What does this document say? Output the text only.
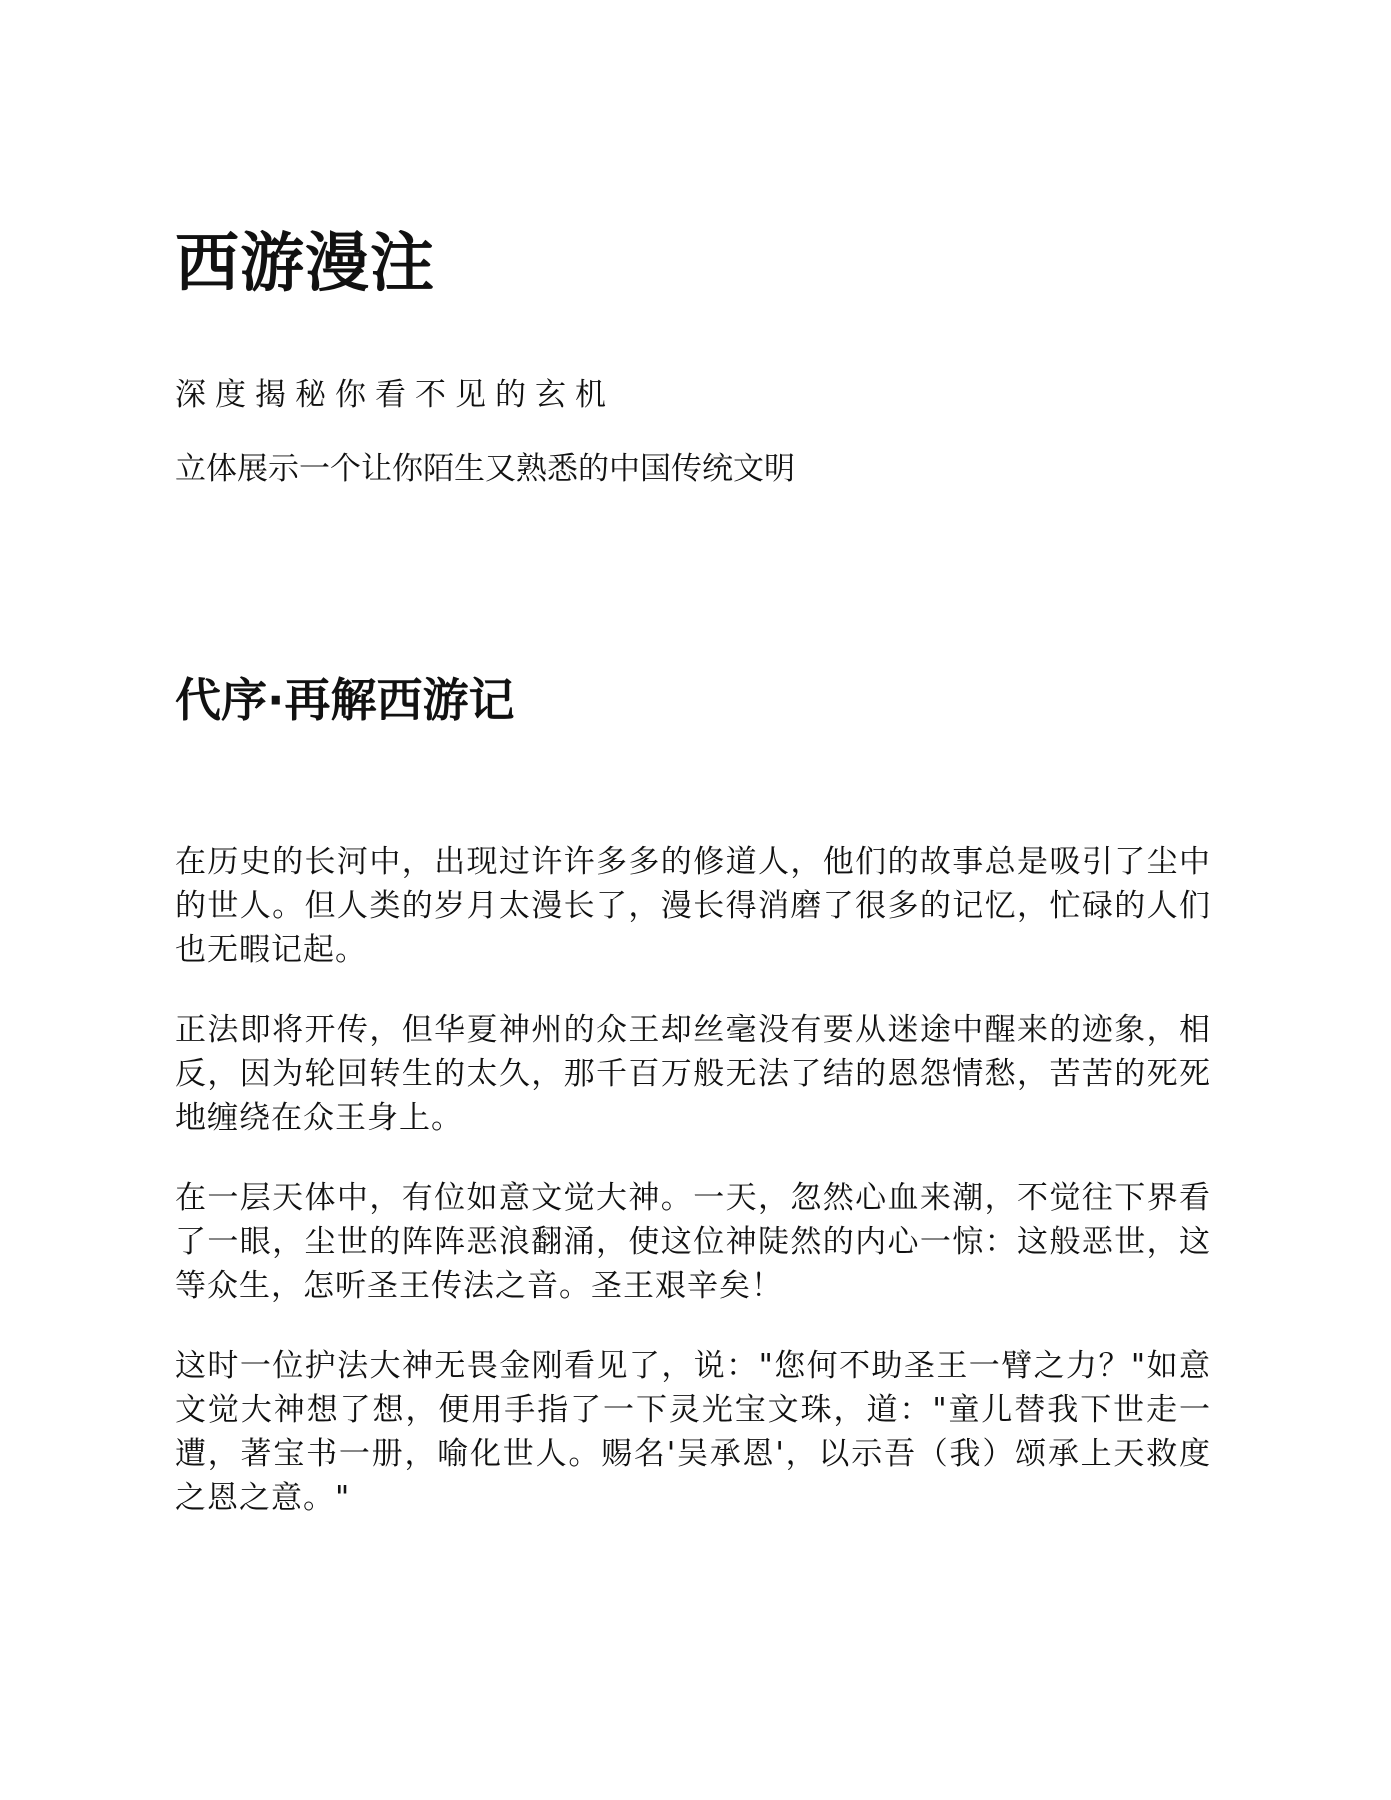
西游漫注

深度揭秘你看不见的玄机

立体展示一个让你陌生又熟悉的中国传统文明

代序·再解西游记

在历史的长河中，出现过许许多多的修道人，他们的故事总是吸引了尘中的世人。但人类的岁月太漫长了，漫长得消磨了很多的记忆，忙碌的人们也无暇记起。

正法即将开传，但华夏神州的众王却丝毫没有要从迷途中醒来的迹象，相反，因为轮回转生的太久，那千百万般无法了结的恩怨情愁，苦苦的死死地缠绕在众王身上。

在一层天体中，有位如意文觉大神。一天，忽然心血来潮，不觉往下界看了一眼，尘世的阵阵恶浪翻涌，使这位神陡然的内心一惊：这般恶世，这等众生，怎听圣王传法之音。圣王艰辛矣！

这时一位护法大神无畏金刚看见了，说："您何不助圣王一臂之力？"如意文觉大神想了想，便用手指了一下灵光宝文珠，道："童儿替我下世走一遭，著宝书一册，喻化世人。赐名'吴承恩'，以示吾（我）颂承上天救度之恩之意。"
